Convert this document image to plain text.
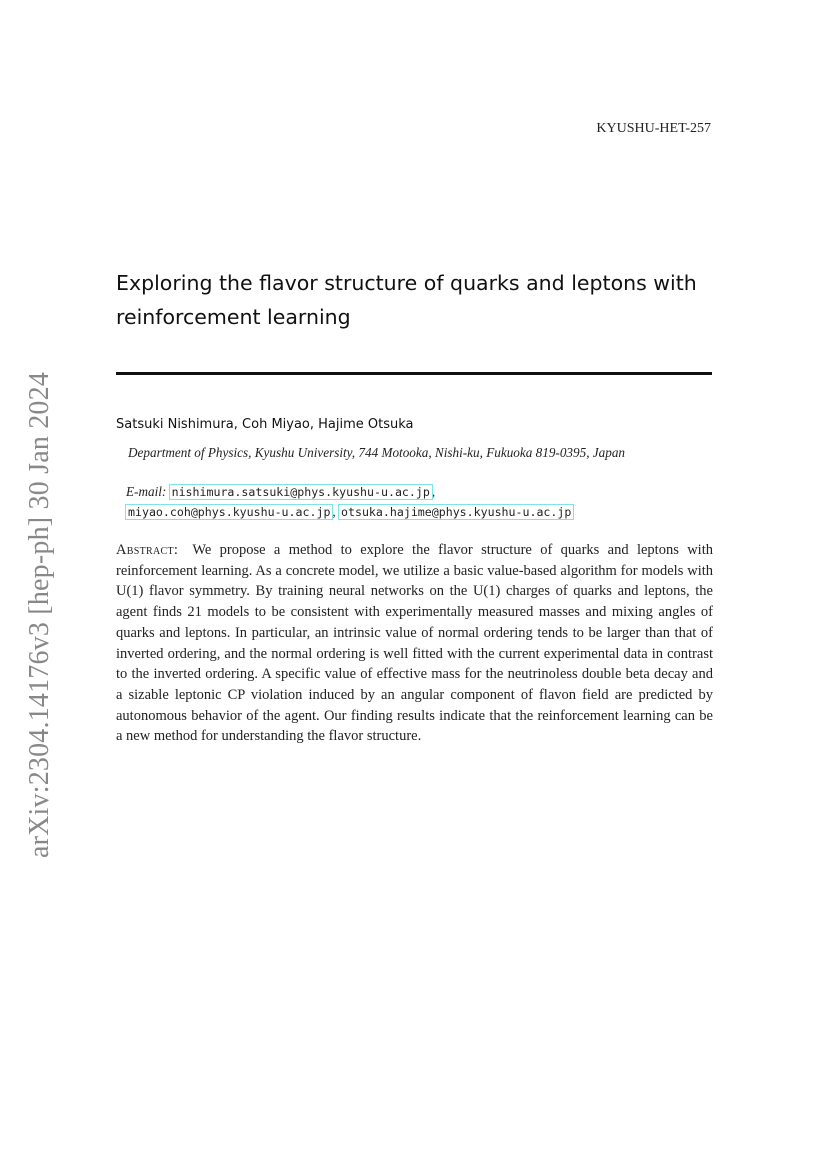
arXiv:2304.14176v3 [hep-ph] 30 Jan 2024
KYUSHU-HET-257
Exploring the flavor structure of quarks and leptons with reinforcement learning
Satsuki Nishimura, Coh Miyao, Hajime Otsuka
Department of Physics, Kyushu University, 744 Motooka, Nishi-ku, Fukuoka 819-0395, Japan
E-mail: nishimura.satsuki@phys.kyushu-u.ac.jp ,
miyao.coh@phys.kyushu-u.ac.jp , otsuka.hajime@phys.kyushu-u.ac.jp

Abstract: We propose a method to explore the flavor structure of quarks and leptons with reinforcement learning. As a concrete model, we utilize a basic value-based algorithm for models with U(1) flavor symmetry. By training neural networks on the U(1) charges of quarks and leptons, the agent finds 21 models to be consistent with experimentally measured masses and mixing angles of quarks and leptons. In particular, an intrinsic value of normal ordering tends to be larger than that of inverted ordering, and the normal ordering is well fitted with the current experimental data in contrast to the inverted ordering. A specific value of effective mass for the neutrinoless double beta decay and a sizable leptonic CP violation induced by an angular component of flavon field are predicted by autonomous behavior of the agent. Our finding results indicate that the reinforcement learning can be a new method for understanding the flavor structure.
